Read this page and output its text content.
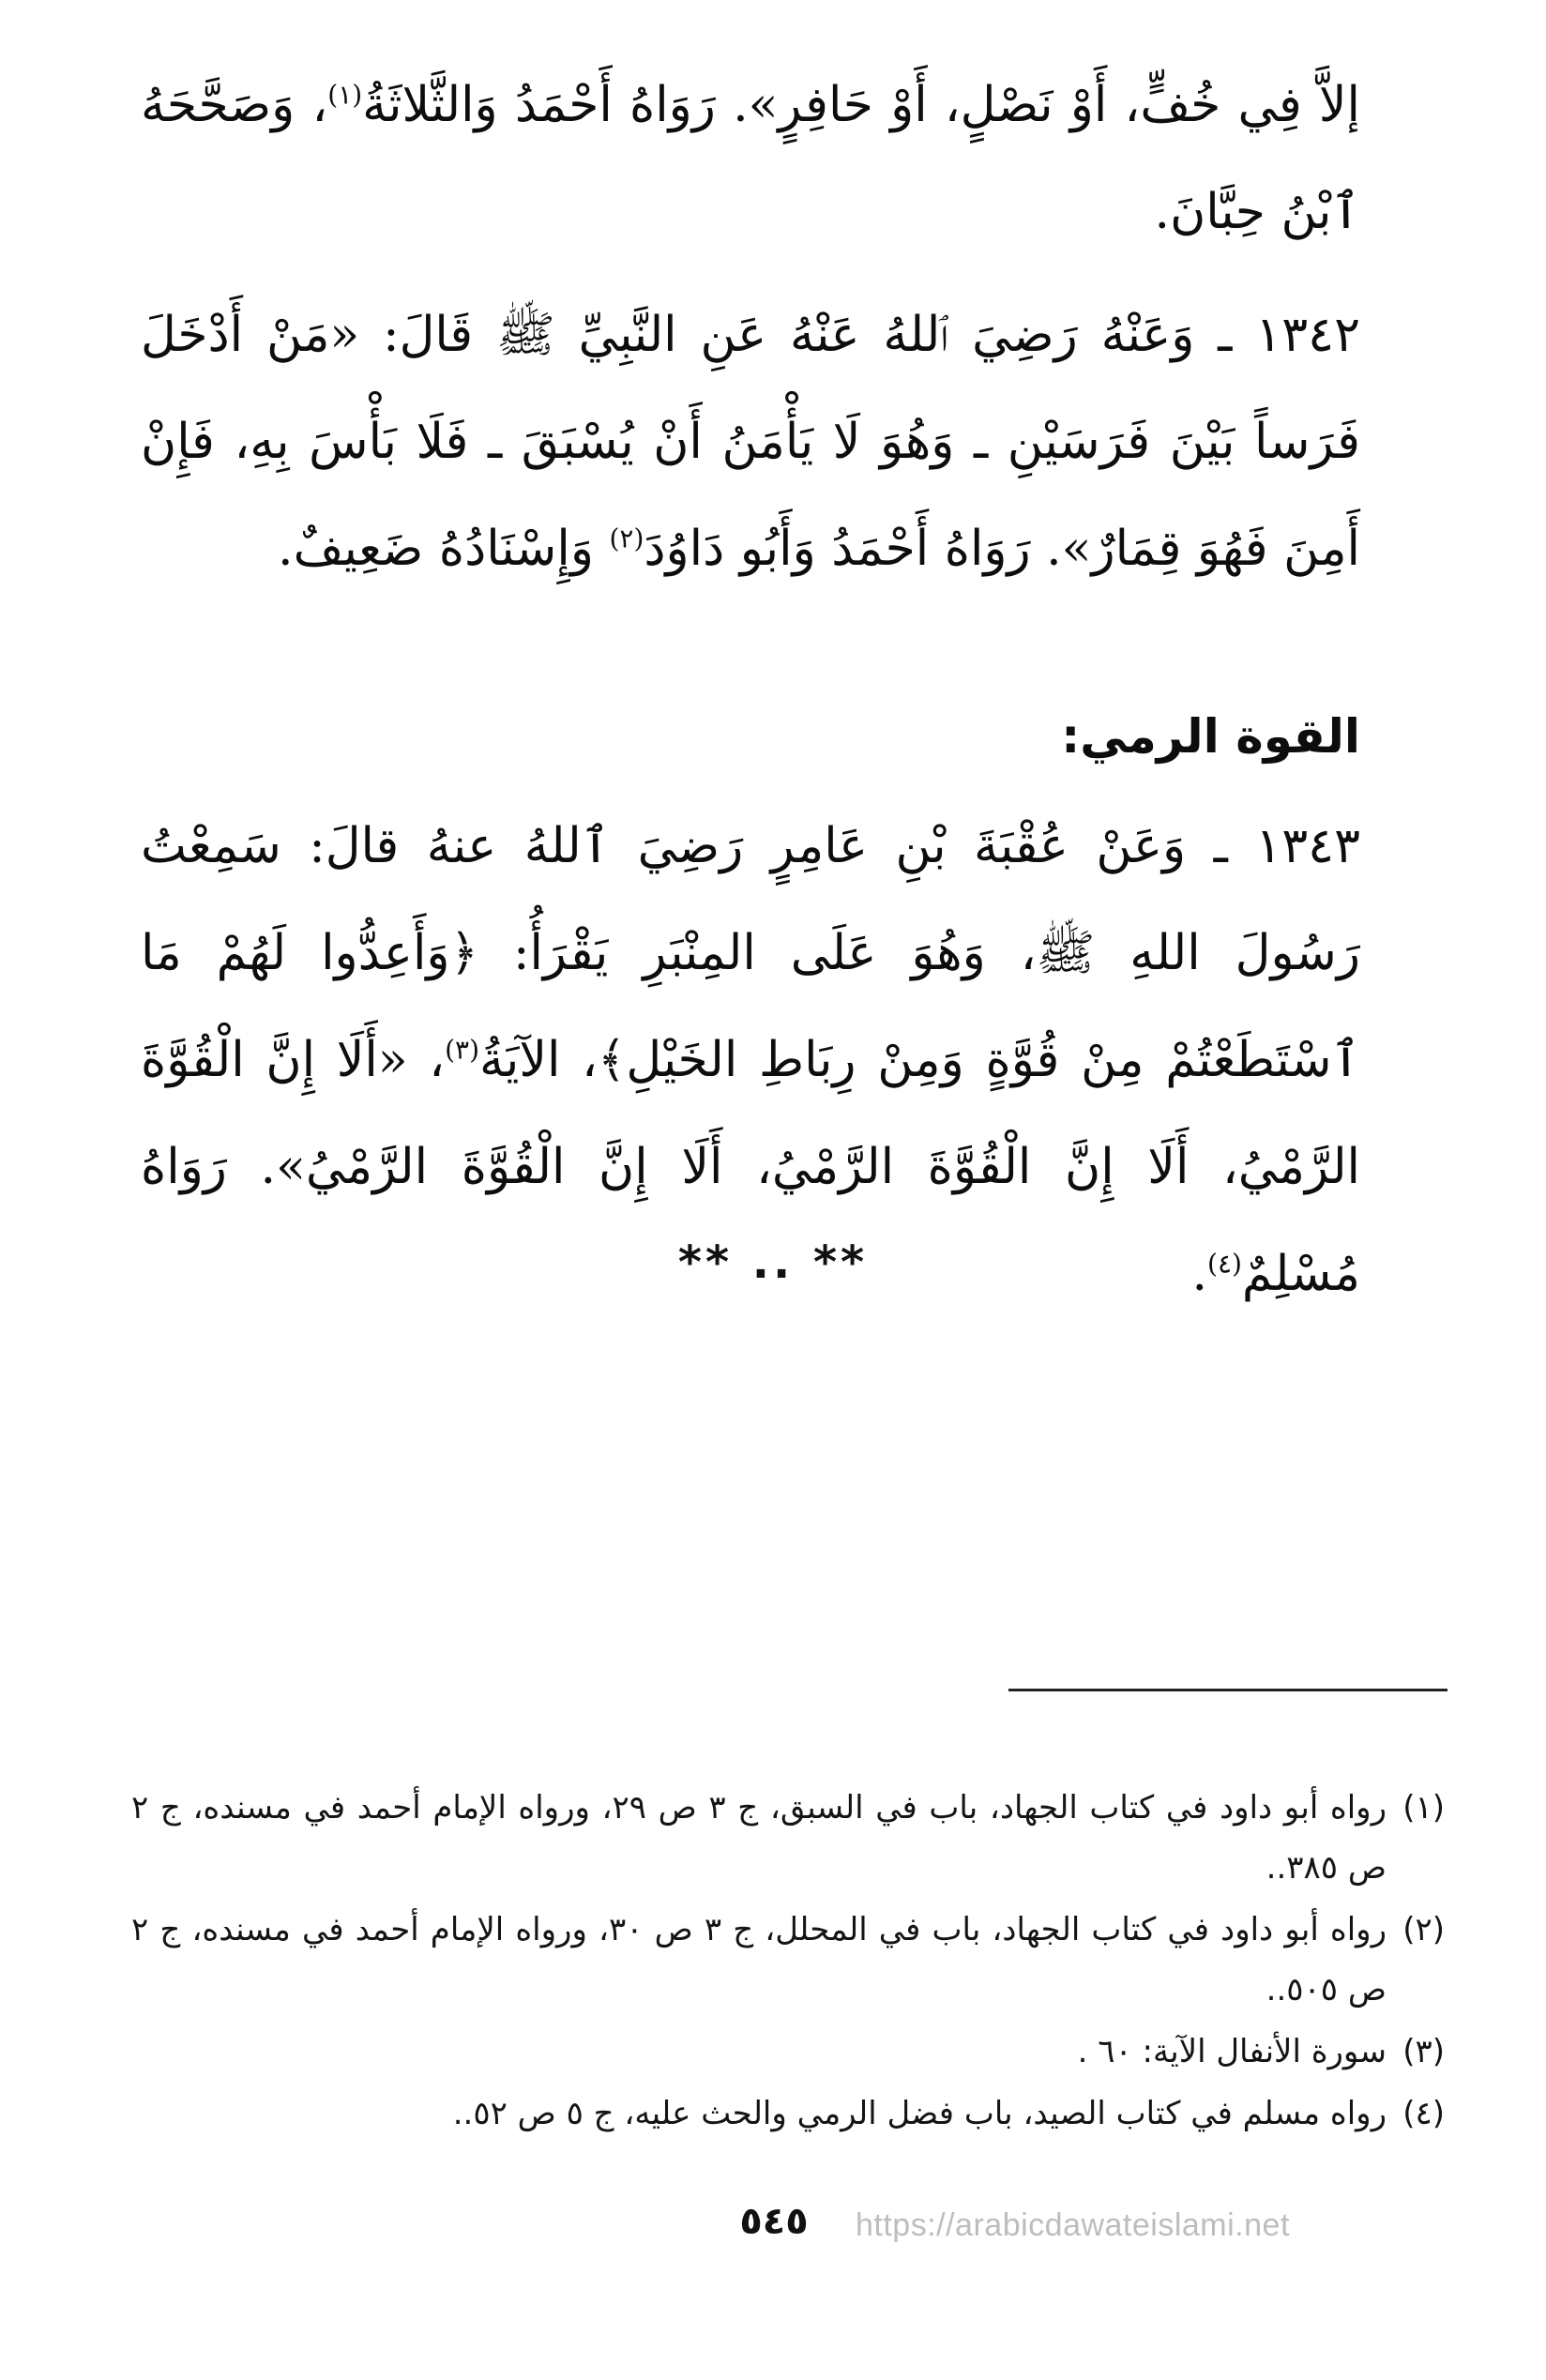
إلاَّ فِي خُفٍّ، أَوْ نَصْلٍ، أَوْ حَافِرٍ». رَوَاهُ أَحْمَدُ وَالثَّلاثَةُ$^{(١)}$، وَصَحَّحَهُ ٱبْنُ حِبَّانَ.

١٣٤٢ ـ وَعَنْهُ رَضِيَ ٱللهُ عَنْهُ عَنِ النَّبِيِّ ﷺ قَالَ: «مَنْ أَدْخَلَ فَرَساً بَيْنَ فَرَسَيْنِ ـ وَهُوَ لَا يَأْمَنُ أَنْ يُسْبَقَ ـ فَلَا بَأْسَ بِهِ، فَإِنْ أَمِنَ فَهُوَ قِمَارٌ». رَوَاهُ أَحْمَدُ وَأَبُو دَاوُدَ$^{(٢)}$ وَإِسْنَادُهُ ضَعِيفٌ.

القوة الرمي:

١٣٤٣ ـ وَعَنْ عُقْبَةَ بْنِ عَامِرٍ رَضِيَ ٱللهُ عنهُ قالَ: سَمِعْتُ رَسُولَ اللهِ ﷺ، وَهُوَ عَلَى المِنْبَرِ يَقْرَأُ: ﴿وَأَعِدُّوا لَهُمْ مَا ٱسْتَطَعْتُمْ مِنْ قُوَّةٍ وَمِنْ رِبَاطِ الخَيْلِ﴾، الآيَةُ$^{(٣)}$، «أَلَا إِنَّ الْقُوَّةَ الرَّمْيُ، أَلَا إِنَّ الْقُوَّةَ الرَّمْيُ، أَلَا إِنَّ الْقُوَّةَ الرَّمْيُ». رَوَاهُ مُسْلِمٌ$^{(٤)}$.

** .. **
(١)
رواه أبو داود في كتاب الجهاد، باب في السبق، ج ٣ ص ٢٩، ورواه الإمام أحمد في مسنده، ج ٢ ص ٣٨٥..
(٢)
رواه أبو داود في كتاب الجهاد، باب في المحلل، ج ٣ ص ٣٠، ورواه الإمام أحمد في مسنده، ج ٢ ص ٥٠٥..
(٣)
سورة الأنفال الآية: ٦٠ .
(٤)
رواه مسلم في كتاب الصيد، باب فضل الرمي والحث عليه، ج ٥ ص ٥٢..
٥٤٥	https://arabicdawateislami.net
